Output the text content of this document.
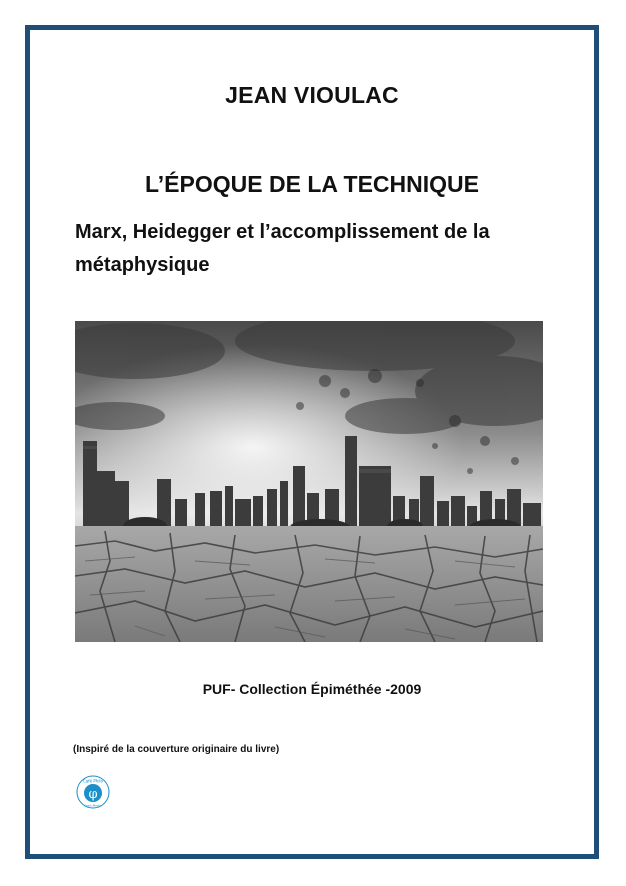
JEAN VIOULAC
L’ÉPOQUE DE LA TECHNIQUE
Marx, Heidegger et l’accomplissement de la métaphysique
PUF- Collection Épiméthée -2009
(Inspiré de la couverture originaire du livre)
φ
Café Philo
Saint-Martin
